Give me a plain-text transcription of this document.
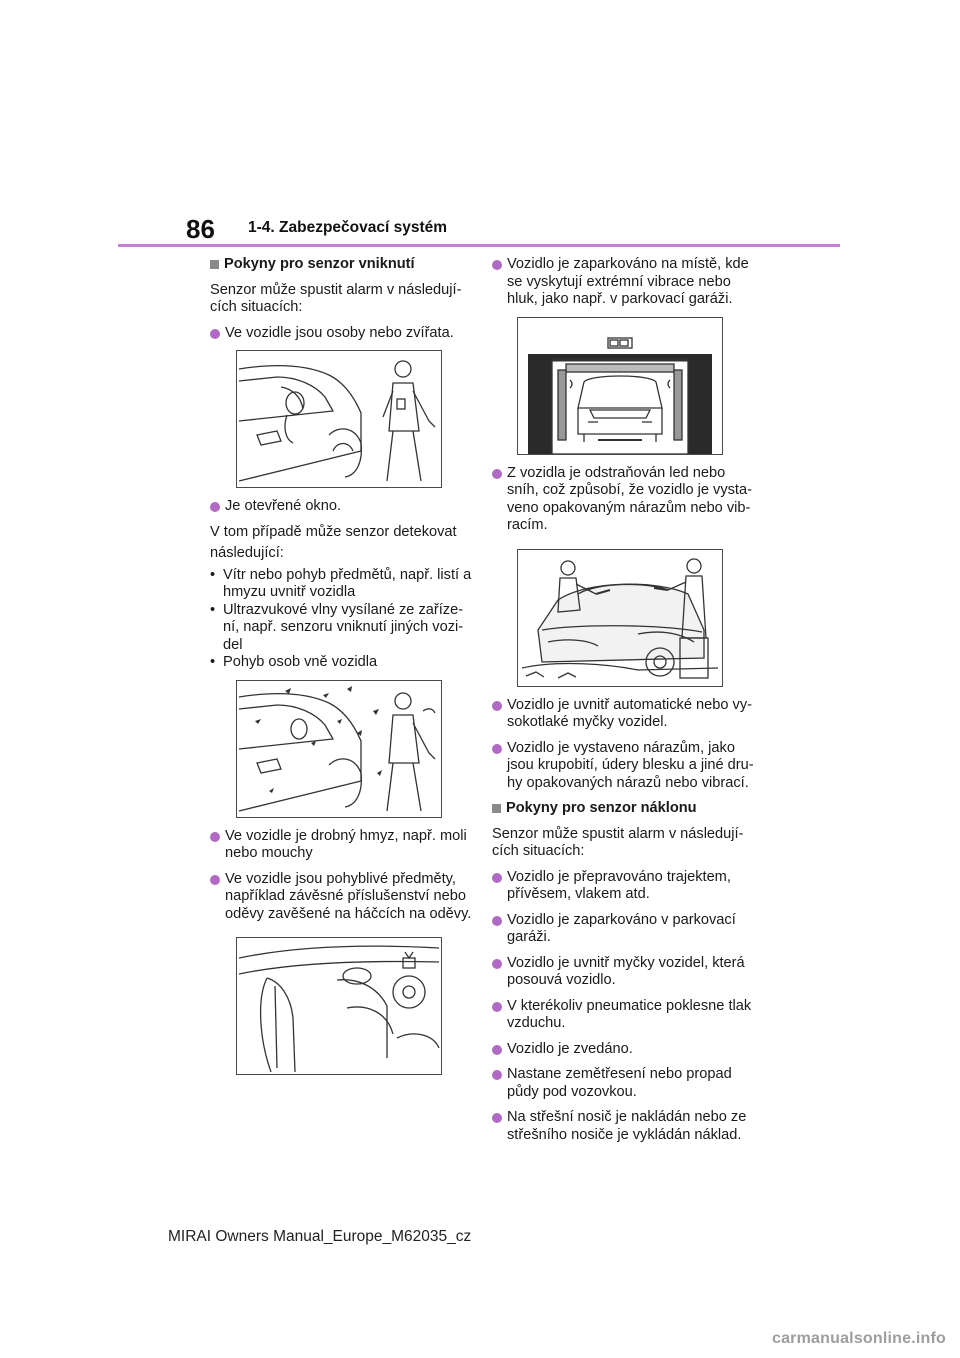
86 1-4. Zabezpečovací systém
Pokyny pro senzor vniknutí
Senzor může spustit alarm v následují-cích situacích:
Ve vozidle jsou osoby nebo zvířata.
Je otevřené okno.
V tom případě může senzor detekovat
následující:
• Vítr nebo pohyb předmětů, např. listí a hmyzu uvnitř vozidla
• Ultrazvukové vlny vysílané ze zaříze-ní, např. senzoru vniknutí jiných vozi-del
• Pohyb osob vně vozidla
Ve vozidle je drobný hmyz, např. moli nebo mouchy
Ve vozidle jsou pohyblivé předměty, například závěsné příslušenství nebo oděvy zavěšené na háčcích na oděvy.
Vozidlo je zaparkováno na místě, kde se vyskytují extrémní vibrace nebo hluk, jako např. v parkovací garáži.
Z vozidla je odstraňován led nebo sníh, což způsobí, že vozidlo je vysta-veno opakovaným nárazům nebo vib-racím.
Vozidlo je uvnitř automatické nebo vy-sokotlaké myčky vozidel.
Vozidlo je vystaveno nárazům, jako jsou krupobití, údery blesku a jiné dru-hy opakovaných nárazů nebo vibrací.
Pokyny pro senzor náklonu
Senzor může spustit alarm v následují-cích situacích:
Vozidlo je přepravováno trajektem, přívěsem, vlakem atd.
Vozidlo je zaparkováno v parkovací garáži.
Vozidlo je uvnitř myčky vozidel, která posouvá vozidlo.
V kterékoliv pneumatice poklesne tlak vzduchu.
Vozidlo je zvedáno.
Nastane zemětřesení nebo propad půdy pod vozovkou.
Na střešní nosič je nakládán nebo ze střešního nosiče je vykládán náklad.
MIRAI Owners Manual_Europe_M62035_cz
carmanualsonline.info
